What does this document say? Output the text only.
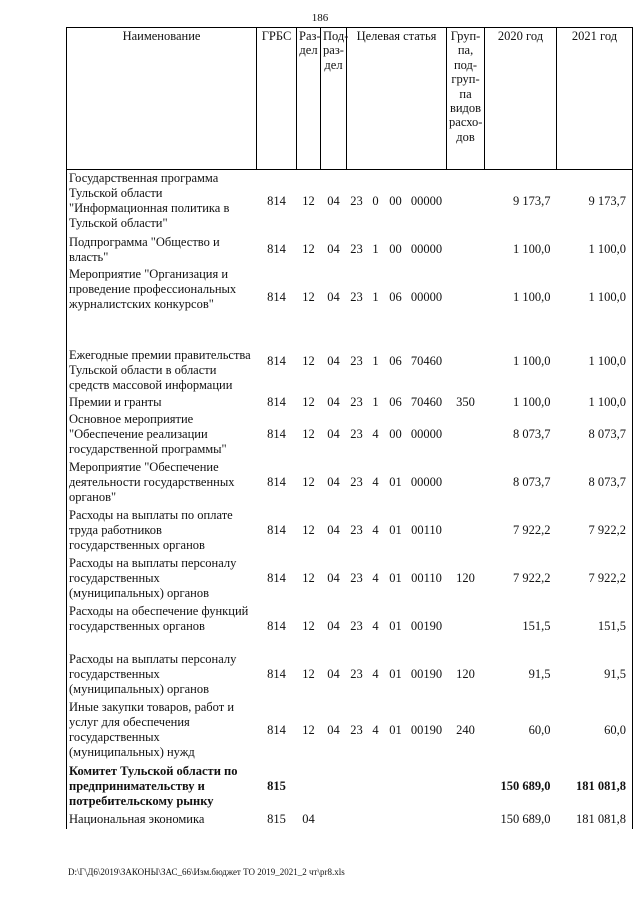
186
Наименование	ГРБС	Раз-дел	Под-раз-дел	Целевая статья				Груп-па, под-груп-па видов расхо-дов	2020 год	2021 год
Государственная программа Тульской области "Информационная политика в Тульской области"	814	12	04	23	0	00	00000		9 173,7	9 173,7
Подпрограмма "Общество и власть"	814	12	04	23	1	00	00000		1 100,0	1 100,0
Мероприятие "Организация и проведение профессиональных журналистских конкурсов"	814	12	04	23	1	06	00000		1 100,0	1 100,0
Ежегодные премии правительства Тульской области в области средств массовой информации	814	12	04	23	1	06	70460		1 100,0	1 100,0
Премии и гранты	814	12	04	23	1	06	70460	350	1 100,0	1 100,0
Основное мероприятие "Обеспечение реализации государственной программы"	814	12	04	23	4	00	00000		8 073,7	8 073,7
Мероприятие "Обеспечение деятельности государственных органов"	814	12	04	23	4	01	00000		8 073,7	8 073,7
Расходы на выплаты по оплате труда работников государственных органов	814	12	04	23	4	01	00110		7 922,2	7 922,2
Расходы на выплаты персоналу государственных (муниципальных) органов	814	12	04	23	4	01	00110	120	7 922,2	7 922,2
Расходы на обеспечение функций государственных органов	814	12	04	23	4	01	00190		151,5	151,5
Расходы на выплаты персоналу государственных (муниципальных) органов	814	12	04	23	4	01	00190	120	91,5	91,5
Иные закупки товаров, работ и услуг для обеспечения государственных (муниципальных) нужд	814	12	04	23	4	01	00190	240	60,0	60,0
Комитет Тульской области по предпринимательству и потребительскому рынку	815								150 689,0	181 081,8
Национальная экономика	815	04							150 689,0	181 081,8
D:\Г\Д6\2019\ЗАКОНЫ\ЗАС_66\Изм.бюджет ТО 2019_2021_2 чт\pr8.xls
